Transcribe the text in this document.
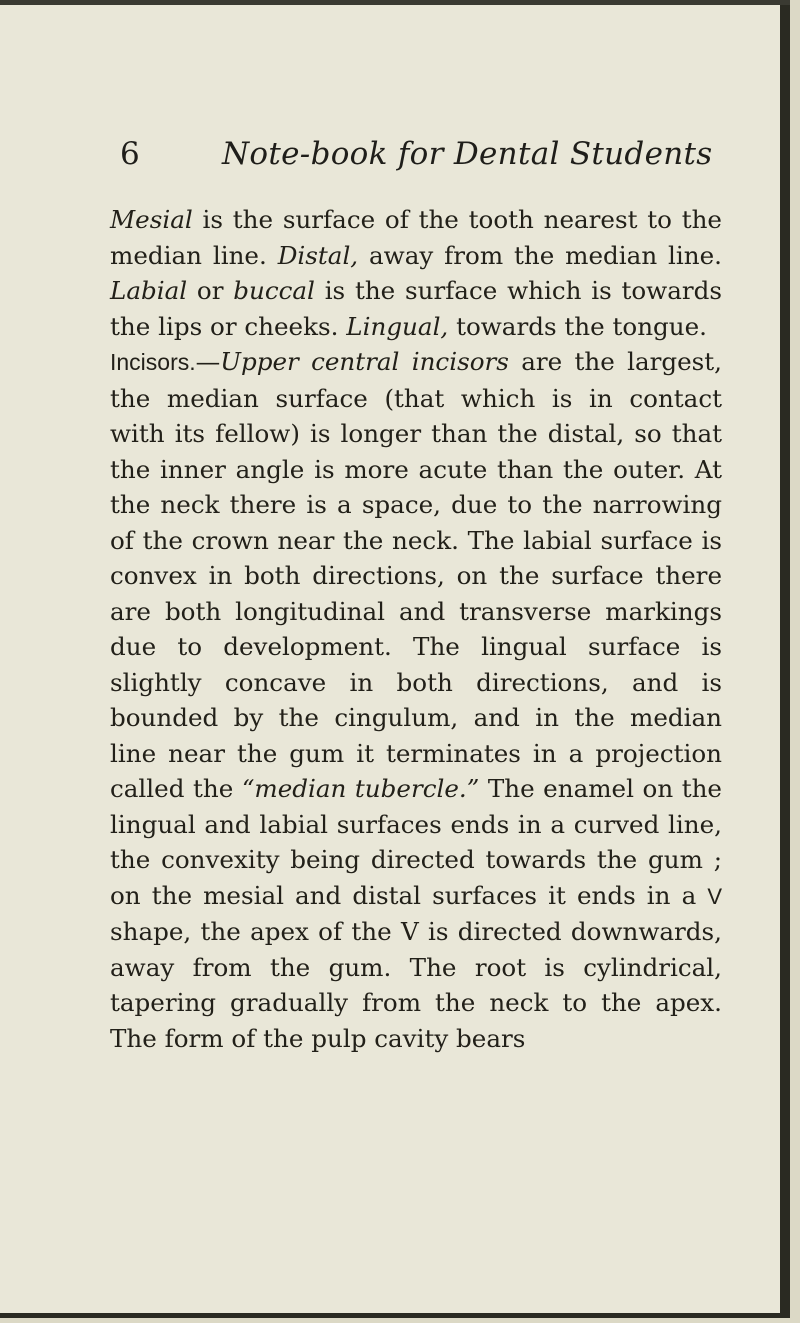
6	Note-book for Dental Students

Mesial is the surface of the tooth nearest to the median line. Distal, away from the median line. Labial or buccal is the surface which is towards the lips or cheeks. Lingual, towards the tongue.

Incisors.—Upper central incisors are the largest, the median surface (that which is in contact with its fellow) is longer than the distal, so that the inner angle is more acute than the outer. At the neck there is a space, due to the narrowing of the crown near the neck. The labial surface is convex in both directions, on the surface there are both longitudinal and transverse markings due to development. The lingual surface is slightly concave in both directions, and is bounded by the cingulum, and in the median line near the gum it terminates in a projection called the “median tubercle.” The enamel on the lingual and labial surfaces ends in a curved line, the convexity being directed towards the gum ; on the mesial and distal surfaces it ends in a V shape, the apex of the V is directed downwards, away from the gum. The root is cylindrical, tapering gradually from the neck to the apex. The form of the pulp cavity bears
